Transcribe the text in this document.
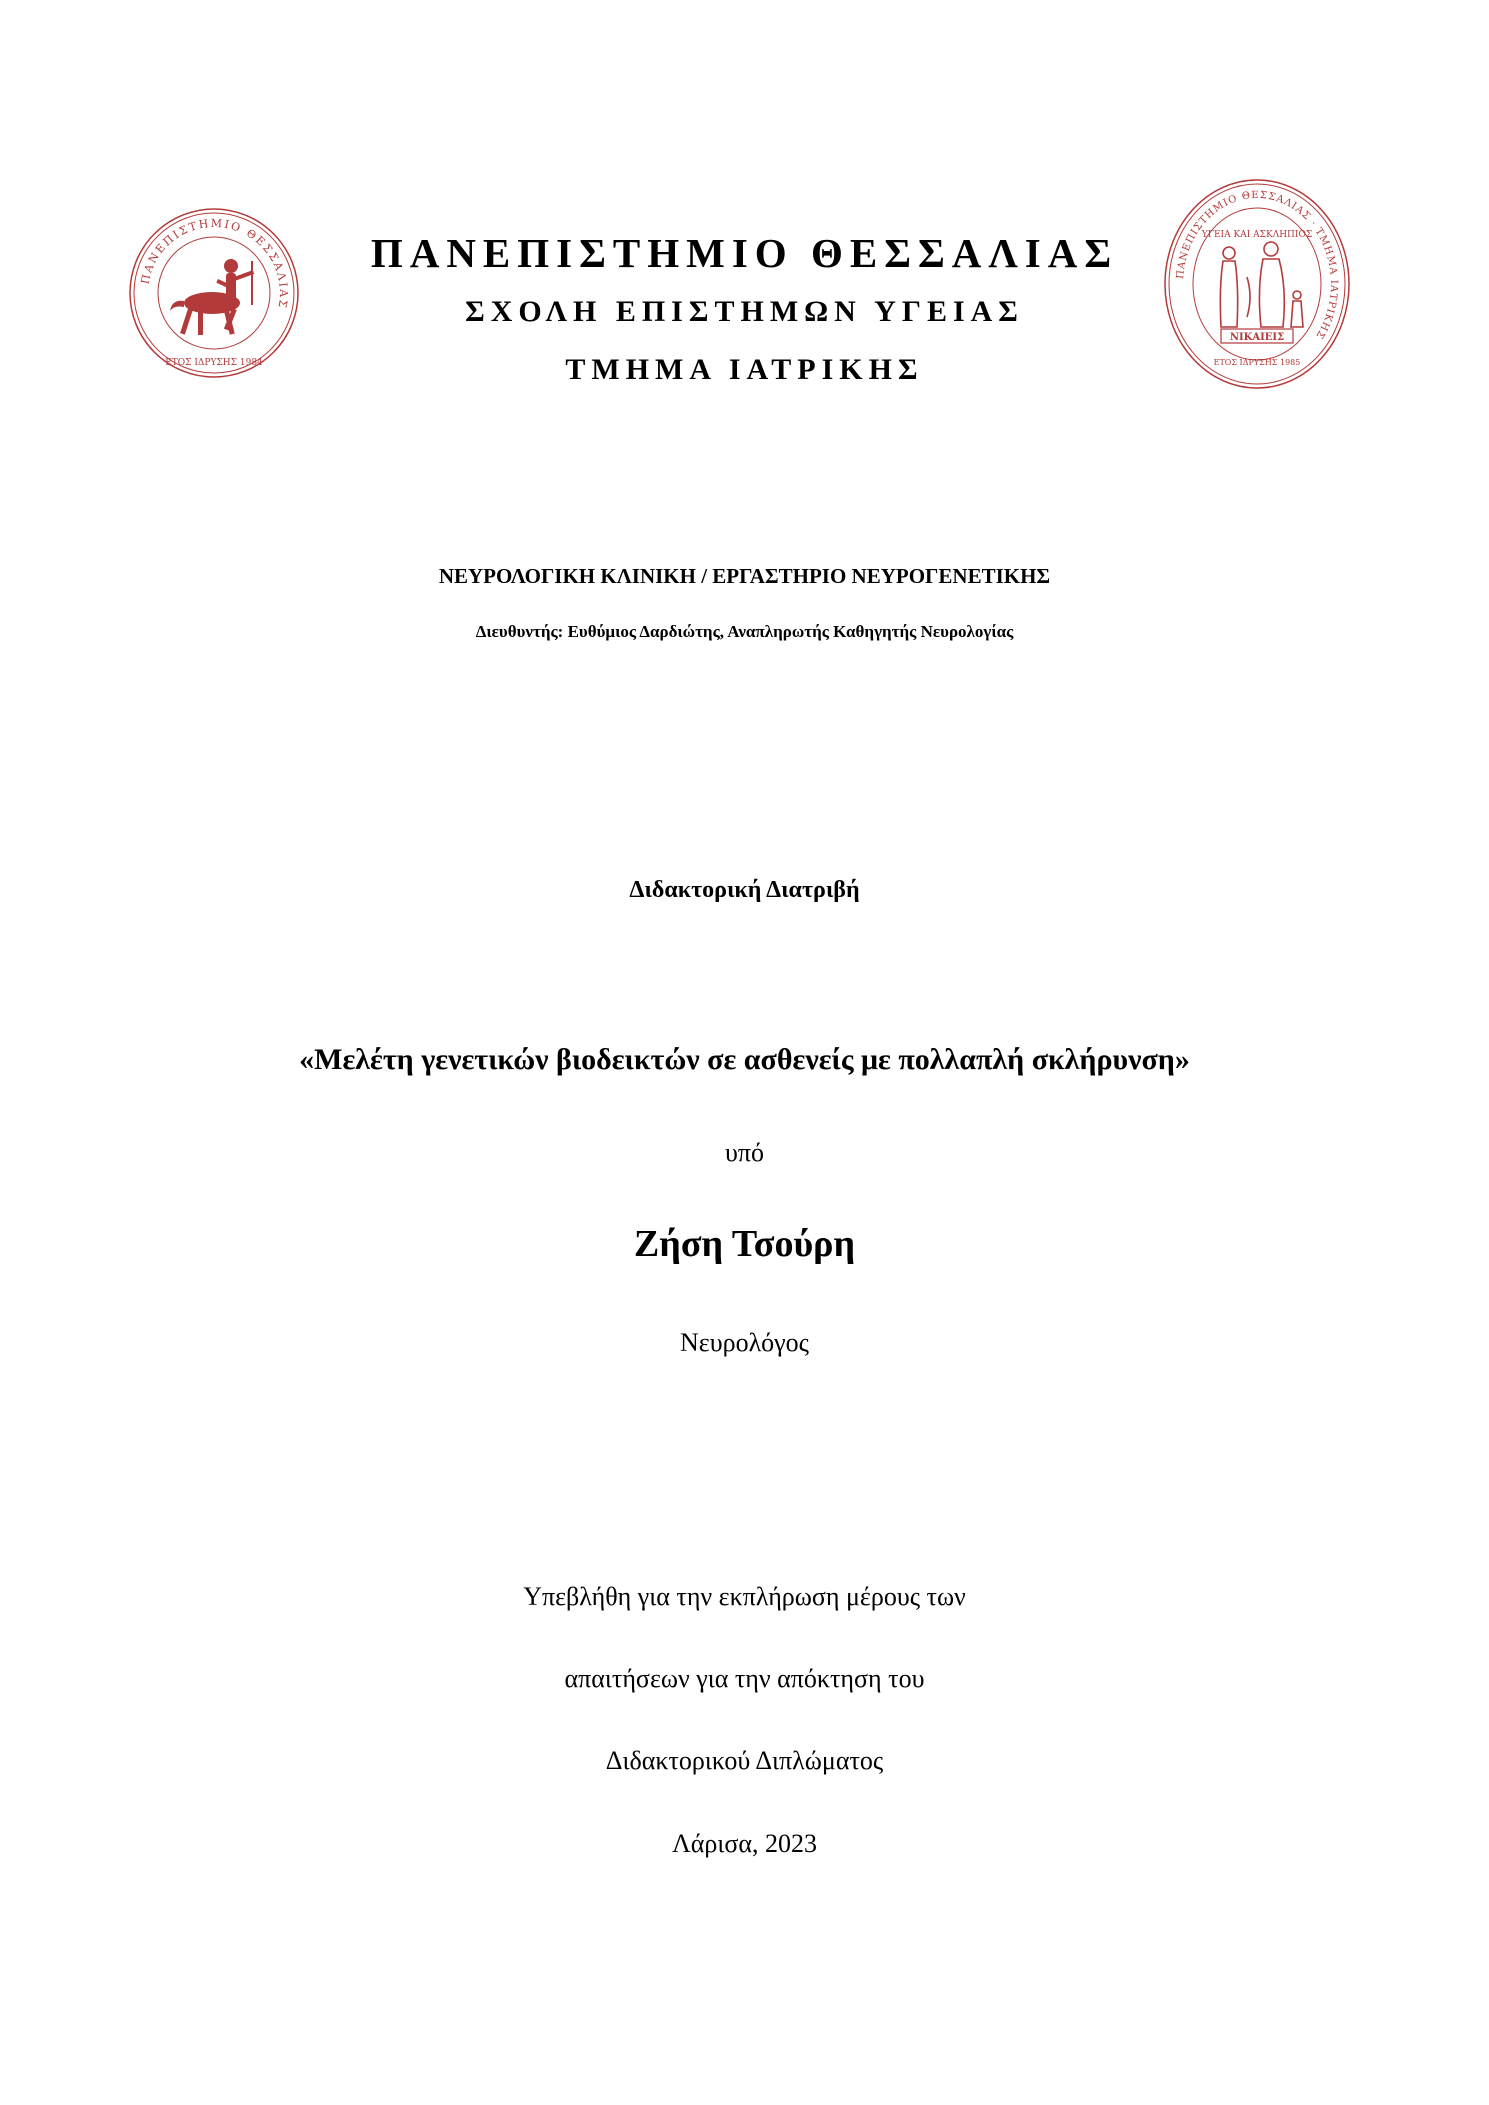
ΠΑΝΕΠΙΣΤΗΜΙΟ ΘΕΣΣΑΛΙΑΣ
ΕΤΟΣ ΙΔΡΥΣΗΣ 1984
ΠΑΝΕΠΙΣΤΗΜΙΟ ΘΕΣΣΑΛΙΑΣ · ΤΜΗΜΑ ΙΑΤΡΙΚΗΣ
ΥΓΕΙΑ ΚΑΙ ΑΣΚΛΗΠΙΟΣ
ΝΙΚΑΙΕΙΣ
ΕΤΟΣ ΙΔΡΥΣΗΣ 1985
ΠΑΝΕΠΙΣΤΗΜΙΟ ΘΕΣΣΑΛΙΑΣ
ΣΧΟΛΗ ΕΠΙΣΤΗΜΩΝ ΥΓΕΙΑΣ
ΤΜΗΜΑ ΙΑΤΡΙΚΗΣ
ΝΕΥΡΟΛΟΓΙΚΗ ΚΛΙΝΙΚΗ / ΕΡΓΑΣΤΗΡΙΟ ΝΕΥΡΟΓΕΝΕΤΙΚΗΣ
Διευθυντής: Ευθύμιος Δαρδιώτης, Αναπληρωτής Καθηγητής Νευρολογίας
Διδακτορική Διατριβή
«Μελέτη γενετικών βιοδεικτών σε ασθενείς με πολλαπλή σκλήρυνση»
υπό
Ζήση Τσούρη
Νευρολόγος
Υπεβλήθη για την εκπλήρωση μέρους των
απαιτήσεων για την απόκτηση του
Διδακτορικού Διπλώματος
Λάρισα, 2023
